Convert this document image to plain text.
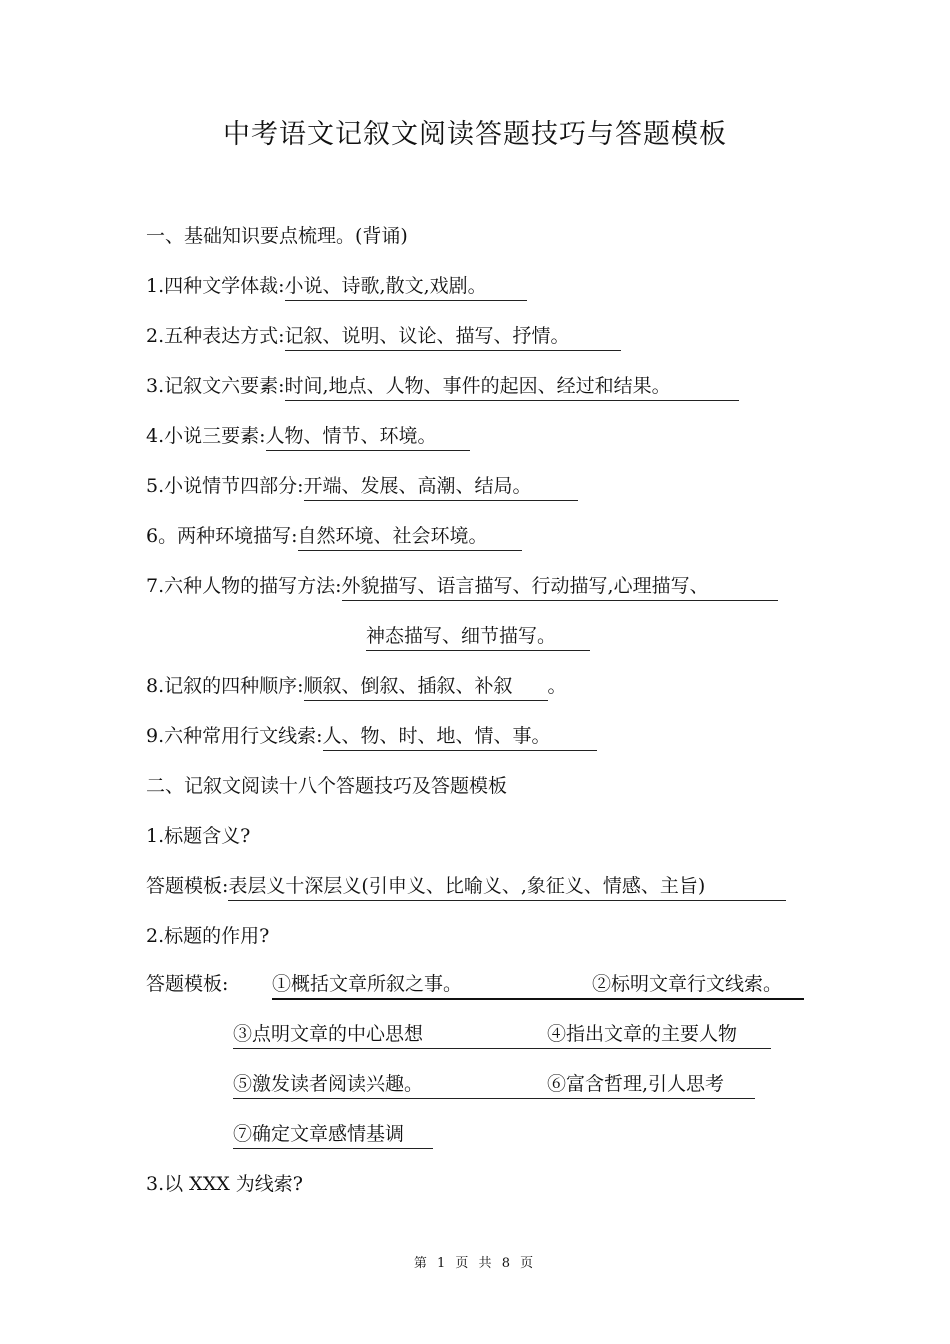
中考语文记叙文阅读答题技巧与答题模板
一、基础知识要点梳理。(背诵)
1.四种文学体裁:小说、诗歌,散文,戏剧。
2.五种表达方式:记叙、说明、议论、描写、抒情。
3.记叙文六要素:时间,地点、人物、事件的起因、经过和结果。
4.小说三要素:人物、情节、环境。
5.小说情节四部分:开端、发展、高潮、结局。
6。两种环境描写:自然环境、社会环境。
7.六种人物的描写方法:外貌描写、语言描写、行动描写,心理描写、
神态描写、细节描写。
8.记叙的四种顺序:顺叙、倒叙、插叙、补叙 。
9.六种常用行文线索:人、物、时、地、情、事。
二、记叙文阅读十八个答题技巧及答题模板
1.标题含义?
答题模板:表层义十深层义(引申义、比喻义、,象征义、情感、主旨)
2.标题的作用?
答题模板: ①概括文章所叙之事。	②标明文章行文线索。
③点明文章的中心思想	④指出文章的主要人物
⑤激发读者阅读兴趣。	⑥富含哲理,引人思考
⑦确定文章感情基调
3.以 XXX 为线索?
第 1 页 共 8 页
